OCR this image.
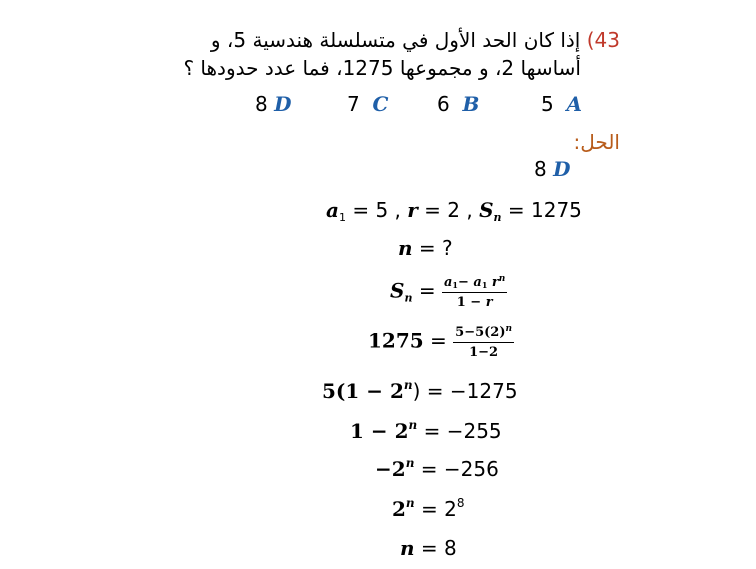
43) إذا كان الحد الأول في متسلسلة هندسية 5، و
أساسها 2، و مجموعها 1275، فما عدد حدودها ؟
5 A
6 B
7 C
8 D
الحل:
8 D
$a_1 = 5$ , r = 2 , $S_n = 1275$
n = ?
$S_n = \frac{a_1- a_1 r^n}{1 - r}$
$1275 = \frac{5-5(2)^n}{1-2}$
$5(1 - 2^n) = -1275$
$1 - 2^n = -255$
$-2^n = -256$
$2^n = 2^8$
n = 8
